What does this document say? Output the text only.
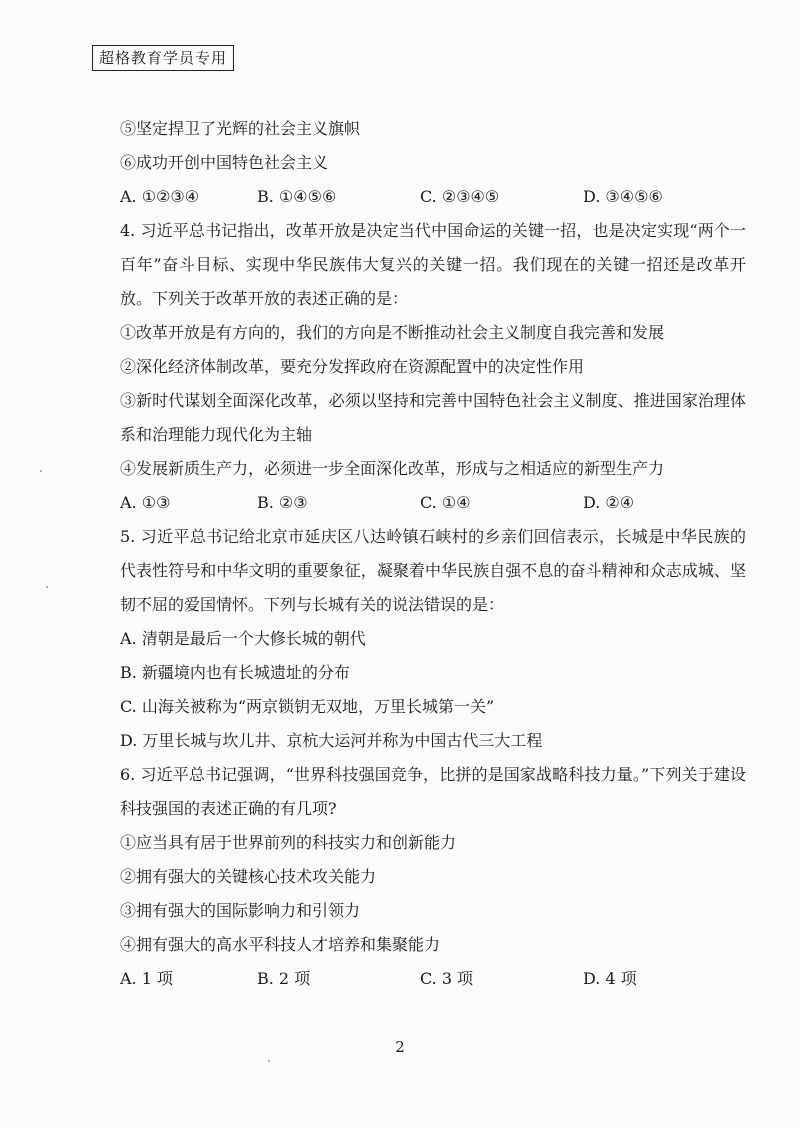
超格教育学员专用
⑤坚定捍卫了光辉的社会主义旗帜
⑥成功开创中国特色社会主义
A. ①②③④	B. ①④⑤⑥	C. ②③④⑤	D. ③④⑤⑥
4. 习近平总书记指出，改革开放是决定当代中国命运的关键一招，也是决定实现“两个一百年”奋斗目标、实现中华民族伟大复兴的关键一招。我们现在的关键一招还是改革开放。下列关于改革开放的表述正确的是：
①改革开放是有方向的，我们的方向是不断推动社会主义制度自我完善和发展
②深化经济体制改革，要充分发挥政府在资源配置中的决定性作用
③新时代谋划全面深化改革，必须以坚持和完善中国特色社会主义制度、推进国家治理体系和治理能力现代化为主轴
④发展新质生产力，必须进一步全面深化改革，形成与之相适应的新型生产力
A. ①③	B. ②③	C. ①④	D. ②④
5. 习近平总书记给北京市延庆区八达岭镇石峡村的乡亲们回信表示，长城是中华民族的代表性符号和中华文明的重要象征，凝聚着中华民族自强不息的奋斗精神和众志成城、坚韧不屈的爱国情怀。下列与长城有关的说法错误的是：
A. 清朝是最后一个大修长城的朝代
B. 新疆境内也有长城遗址的分布
C. 山海关被称为“两京锁钥无双地，万里长城第一关”
D. 万里长城与坎儿井、京杭大运河并称为中国古代三大工程
6. 习近平总书记强调，“世界科技强国竞争，比拼的是国家战略科技力量。”下列关于建设科技强国的表述正确的有几项?
①应当具有居于世界前列的科技实力和创新能力
②拥有强大的关键核心技术攻关能力
③拥有强大的国际影响力和引领力
④拥有强大的高水平科技人才培养和集聚能力
A. 1 项	B. 2 项	C. 3 项	D. 4 项
2
